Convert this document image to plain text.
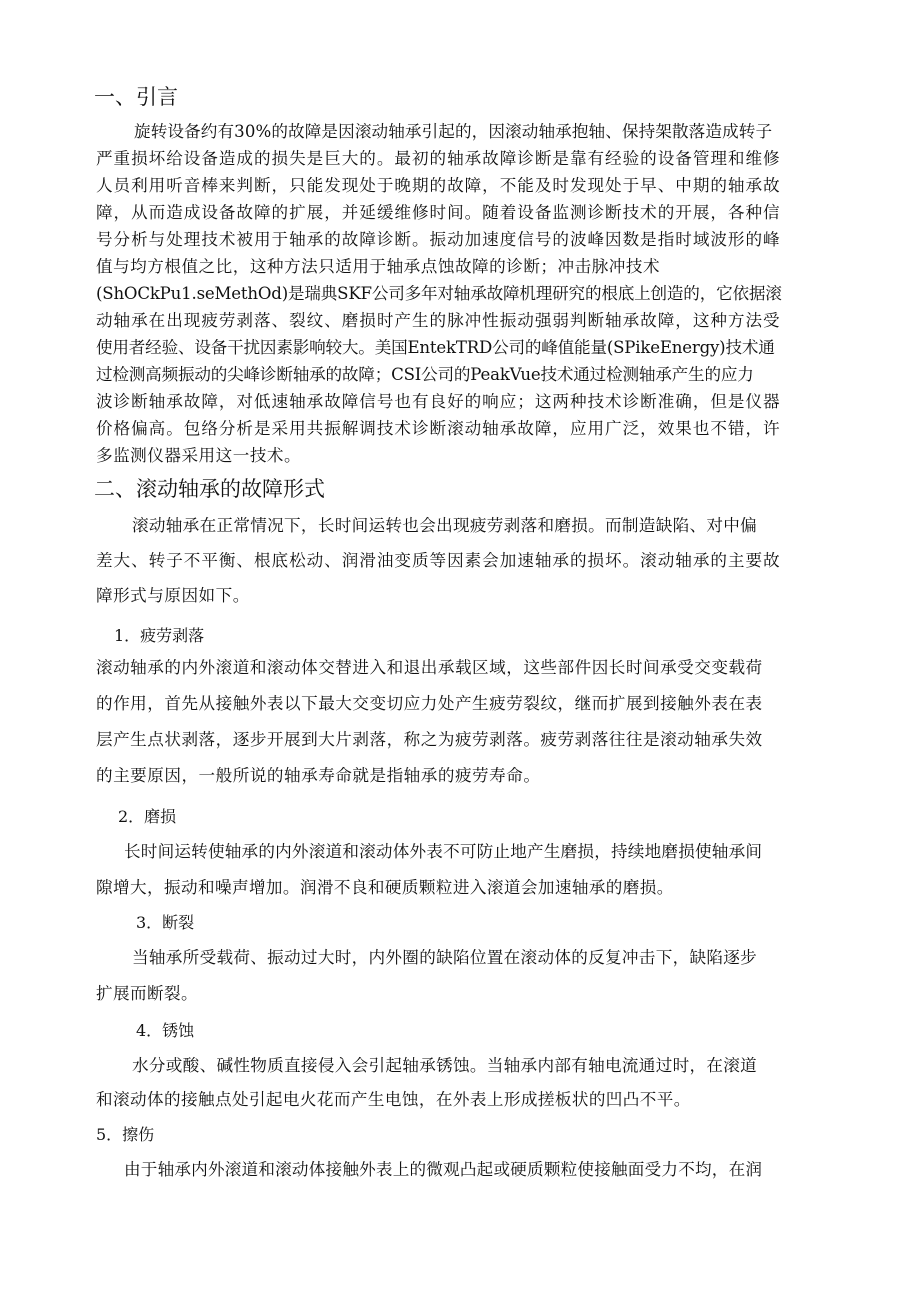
一、引言
旋转设备约有30%的故障是因滚动轴承引起的，因滚动轴承抱轴、保持架散落造成转子
严重损坏给设备造成的损失是巨大的。最初的轴承故障诊断是靠有经验的设备管理和维修
人员利用听音棒来判断，只能发现处于晚期的故障，不能及时发现处于早、中期的轴承故
障，从而造成设备故障的扩展，并延缓维修时间。随着设备监测诊断技术的开展，各种信
号分析与处理技术被用于轴承的故障诊断。振动加速度信号的波峰因数是指时域波形的峰
值与均方根值之比，这种方法只适用于轴承点蚀故障的诊断；冲击脉冲技术
(ShOCkPu1.seMethOd)是瑞典SKF公司多年对轴承故障机理研究的根底上创造的，它依据滚
动轴承在出现疲劳剥落、裂纹、磨损时产生的脉冲性振动强弱判断轴承故障，这种方法受
使用者经验、设备干扰因素影响较大。美国EntekTRD公司的峰值能量(SPikeEnergy)技术通
过检测高频振动的尖峰诊断轴承的故障；CSI公司的PeakVue技术通过检测轴承产生的应力
波诊断轴承故障，对低速轴承故障信号也有良好的响应；这两种技术诊断准确，但是仪器
价格偏高。包络分析是采用共振解调技术诊断滚动轴承故障，应用广泛，效果也不错，许
多监测仪器采用这一技术。
二、滚动轴承的故障形式
滚动轴承在正常情况下，长时间运转也会出现疲劳剥落和磨损。而制造缺陷、对中偏
差大、转子不平衡、根底松动、润滑油变质等因素会加速轴承的损坏。滚动轴承的主要故
障形式与原因如下。
1．疲劳剥落
滚动轴承的内外滚道和滚动体交替进入和退出承载区域，这些部件因长时间承受交变载荷
的作用，首先从接触外表以下最大交变切应力处产生疲劳裂纹，继而扩展到接触外表在表
层产生点状剥落，逐步开展到大片剥落，称之为疲劳剥落。疲劳剥落往往是滚动轴承失效
的主要原因，一般所说的轴承寿命就是指轴承的疲劳寿命。
2．磨损
长时间运转使轴承的内外滚道和滚动体外表不可防止地产生磨损，持续地磨损使轴承间
隙增大，振动和噪声增加。润滑不良和硬质颗粒进入滚道会加速轴承的磨损。
3．断裂
当轴承所受载荷、振动过大时，内外圈的缺陷位置在滚动体的反复冲击下，缺陷逐步
扩展而断裂。
4．锈蚀
水分或酸、碱性物质直接侵入会引起轴承锈蚀。当轴承内部有轴电流通过时，在滚道
和滚动体的接触点处引起电火花而产生电蚀，在外表上形成搓板状的凹凸不平。
5．擦伤
由于轴承内外滚道和滚动体接触外表上的微观凸起或硬质颗粒使接触面受力不均，在润
